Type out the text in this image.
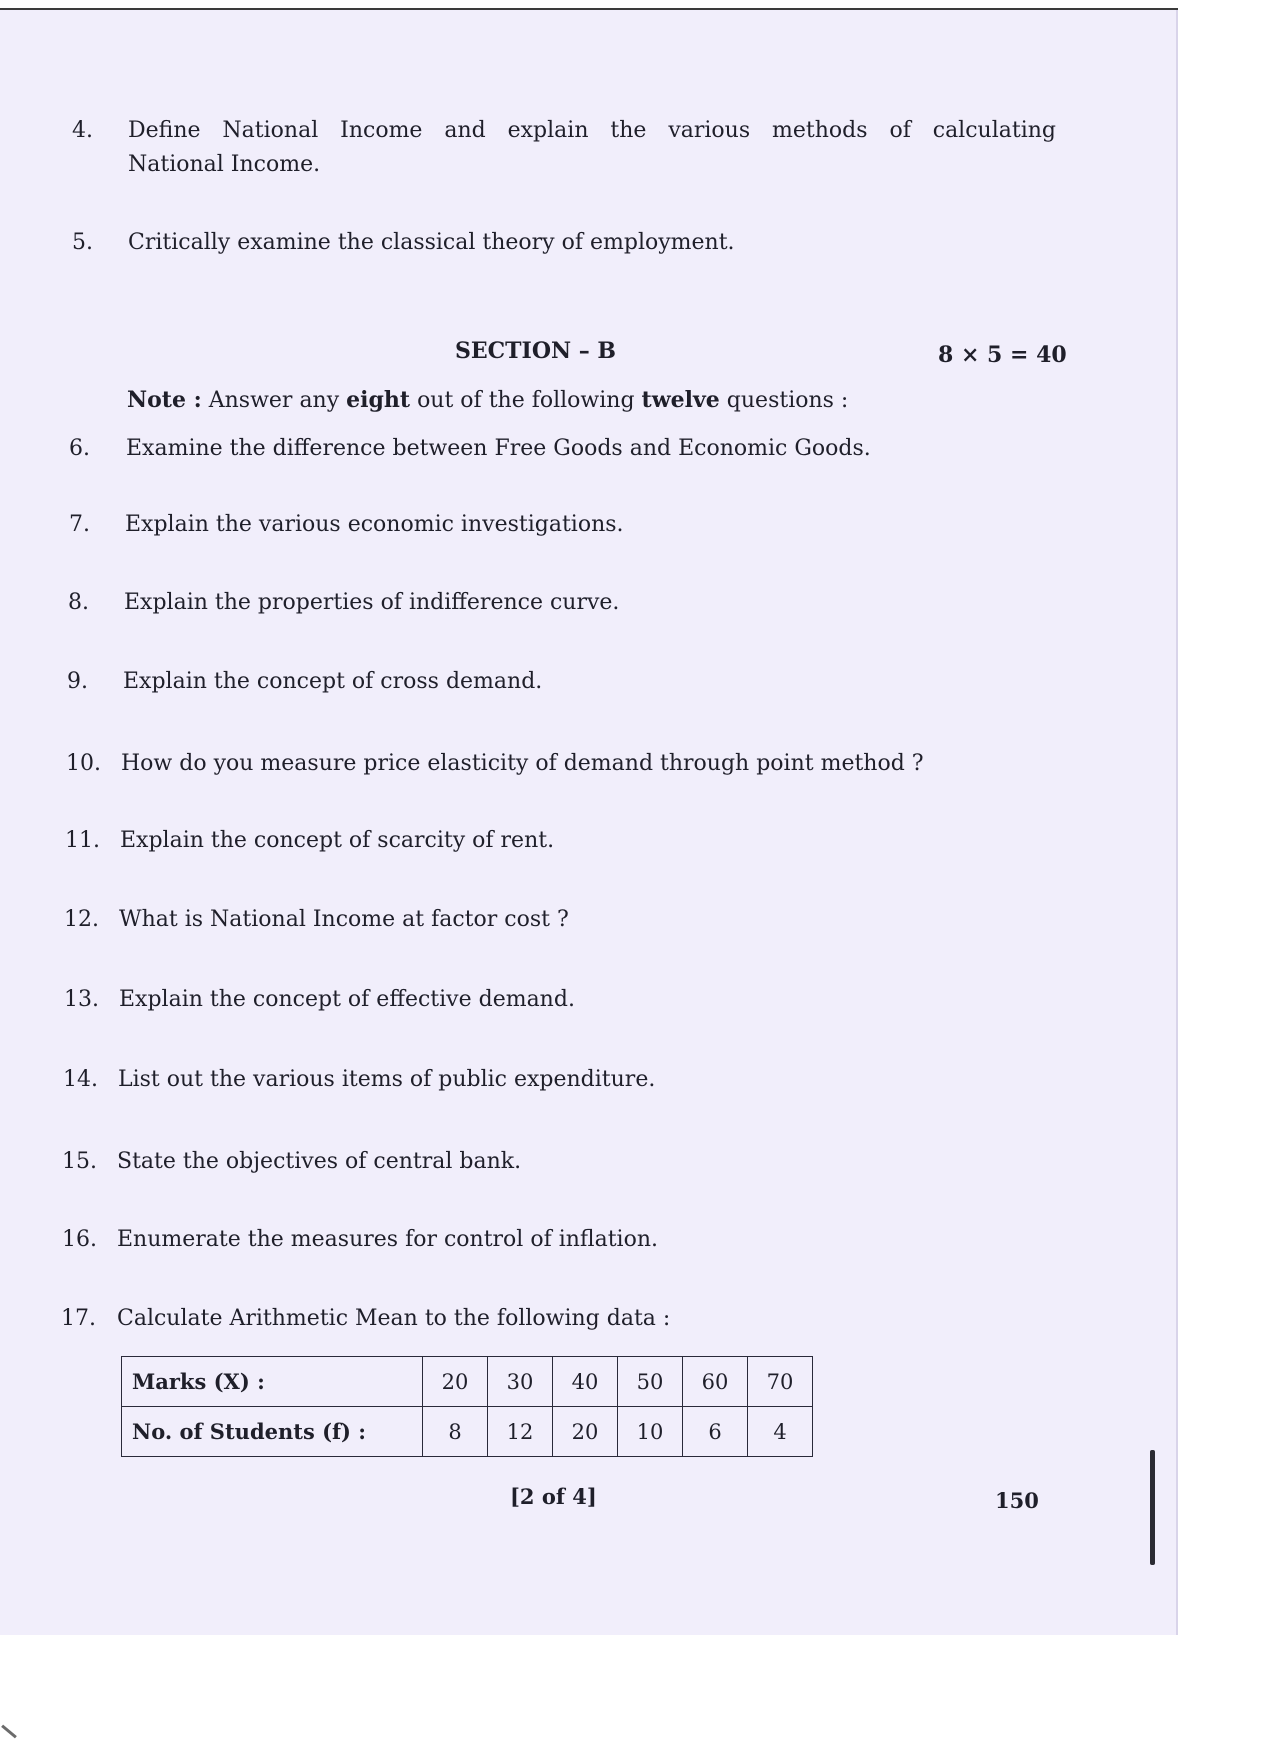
4. Define National Income and explain the various methods of calculating
National Income.
5. Critically examine the classical theory of employment.
SECTION – B	8 × 5 = 40
Note : Answer any eight out of the following twelve questions :
6. Examine the difference between Free Goods and Economic Goods.
7. Explain the various economic investigations.
8. Explain the properties of indifference curve.
9. Explain the concept of cross demand.
10. How do you measure price elasticity of demand through point method ?
11. Explain the concept of scarcity of rent.
12. What is National Income at factor cost ?
13. Explain the concept of effective demand.
14. List out the various items of public expenditure.
15. State the objectives of central bank.
16. Enumerate the measures for control of inflation.
17. Calculate Arithmetic Mean to the following data :
Marks (X) :	20	30	40	50	60	70
No. of Students (f) :	8	12	20	10	6	4
[2 of 4]	150
